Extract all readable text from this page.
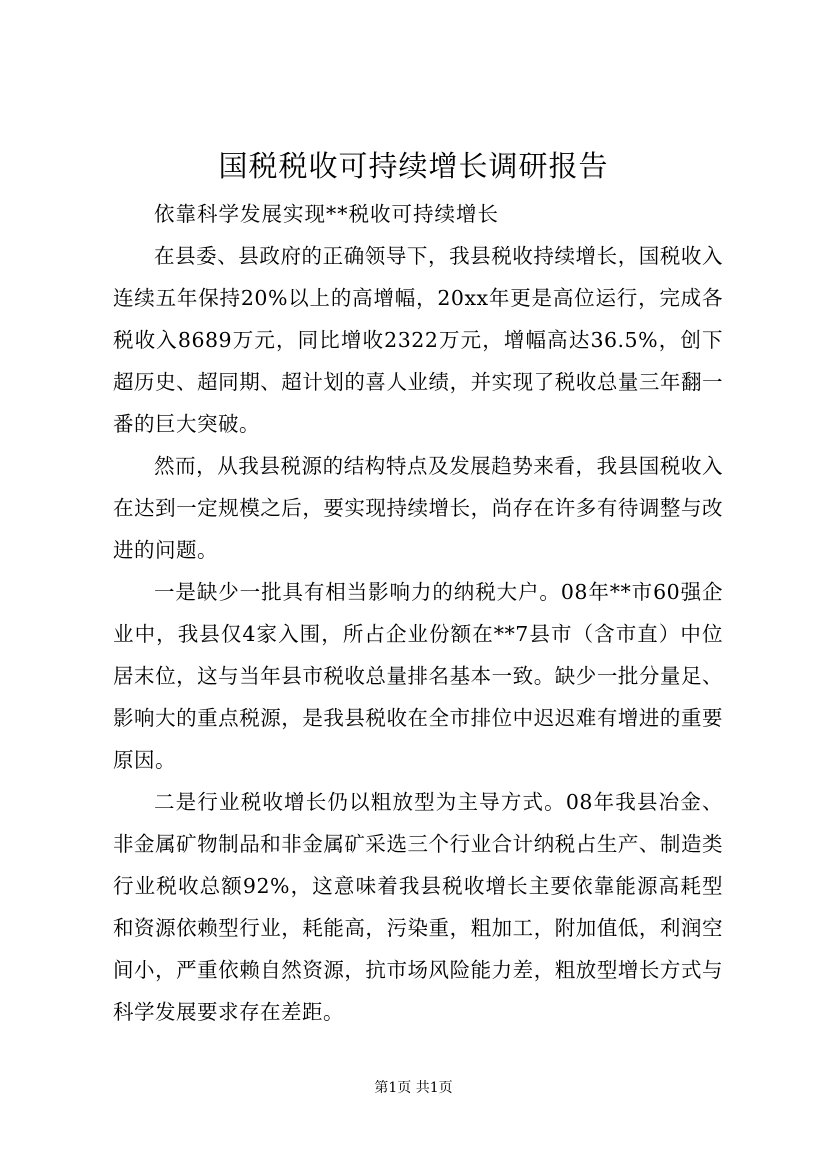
国税税收可持续增长调研报告

依靠科学发展实现**税收可持续增长

在县委、县政府的正确领导下，我县税收持续增长，国税收入连续五年保持20%以上的高增幅，20xx年更是高位运行，完成各税收入8689万元，同比增收2322万元，增幅高达36.5%，创下超历史、超同期、超计划的喜人业绩，并实现了税收总量三年翻一番的巨大突破。

然而，从我县税源的结构特点及发展趋势来看，我县国税收入在达到一定规模之后，要实现持续增长，尚存在许多有待调整与改进的问题。

一是缺少一批具有相当影响力的纳税大户。08年**市60强企业中，我县仅4家入围，所占企业份额在**7县市（含市直）中位居末位，这与当年县市税收总量排名基本一致。缺少一批分量足、影响大的重点税源，是我县税收在全市排位中迟迟难有增进的重要原因。

二是行业税收增长仍以粗放型为主导方式。08年我县冶金、非金属矿物制品和非金属矿采选三个行业合计纳税占生产、制造类行业税收总额92%，这意味着我县税收增长主要依靠能源高耗型和资源依赖型行业，耗能高，污染重，粗加工，附加值低，利润空间小，严重依赖自然资源，抗市场风险能力差，粗放型增长方式与科学发展要求存在差距。

第1页 共1页
